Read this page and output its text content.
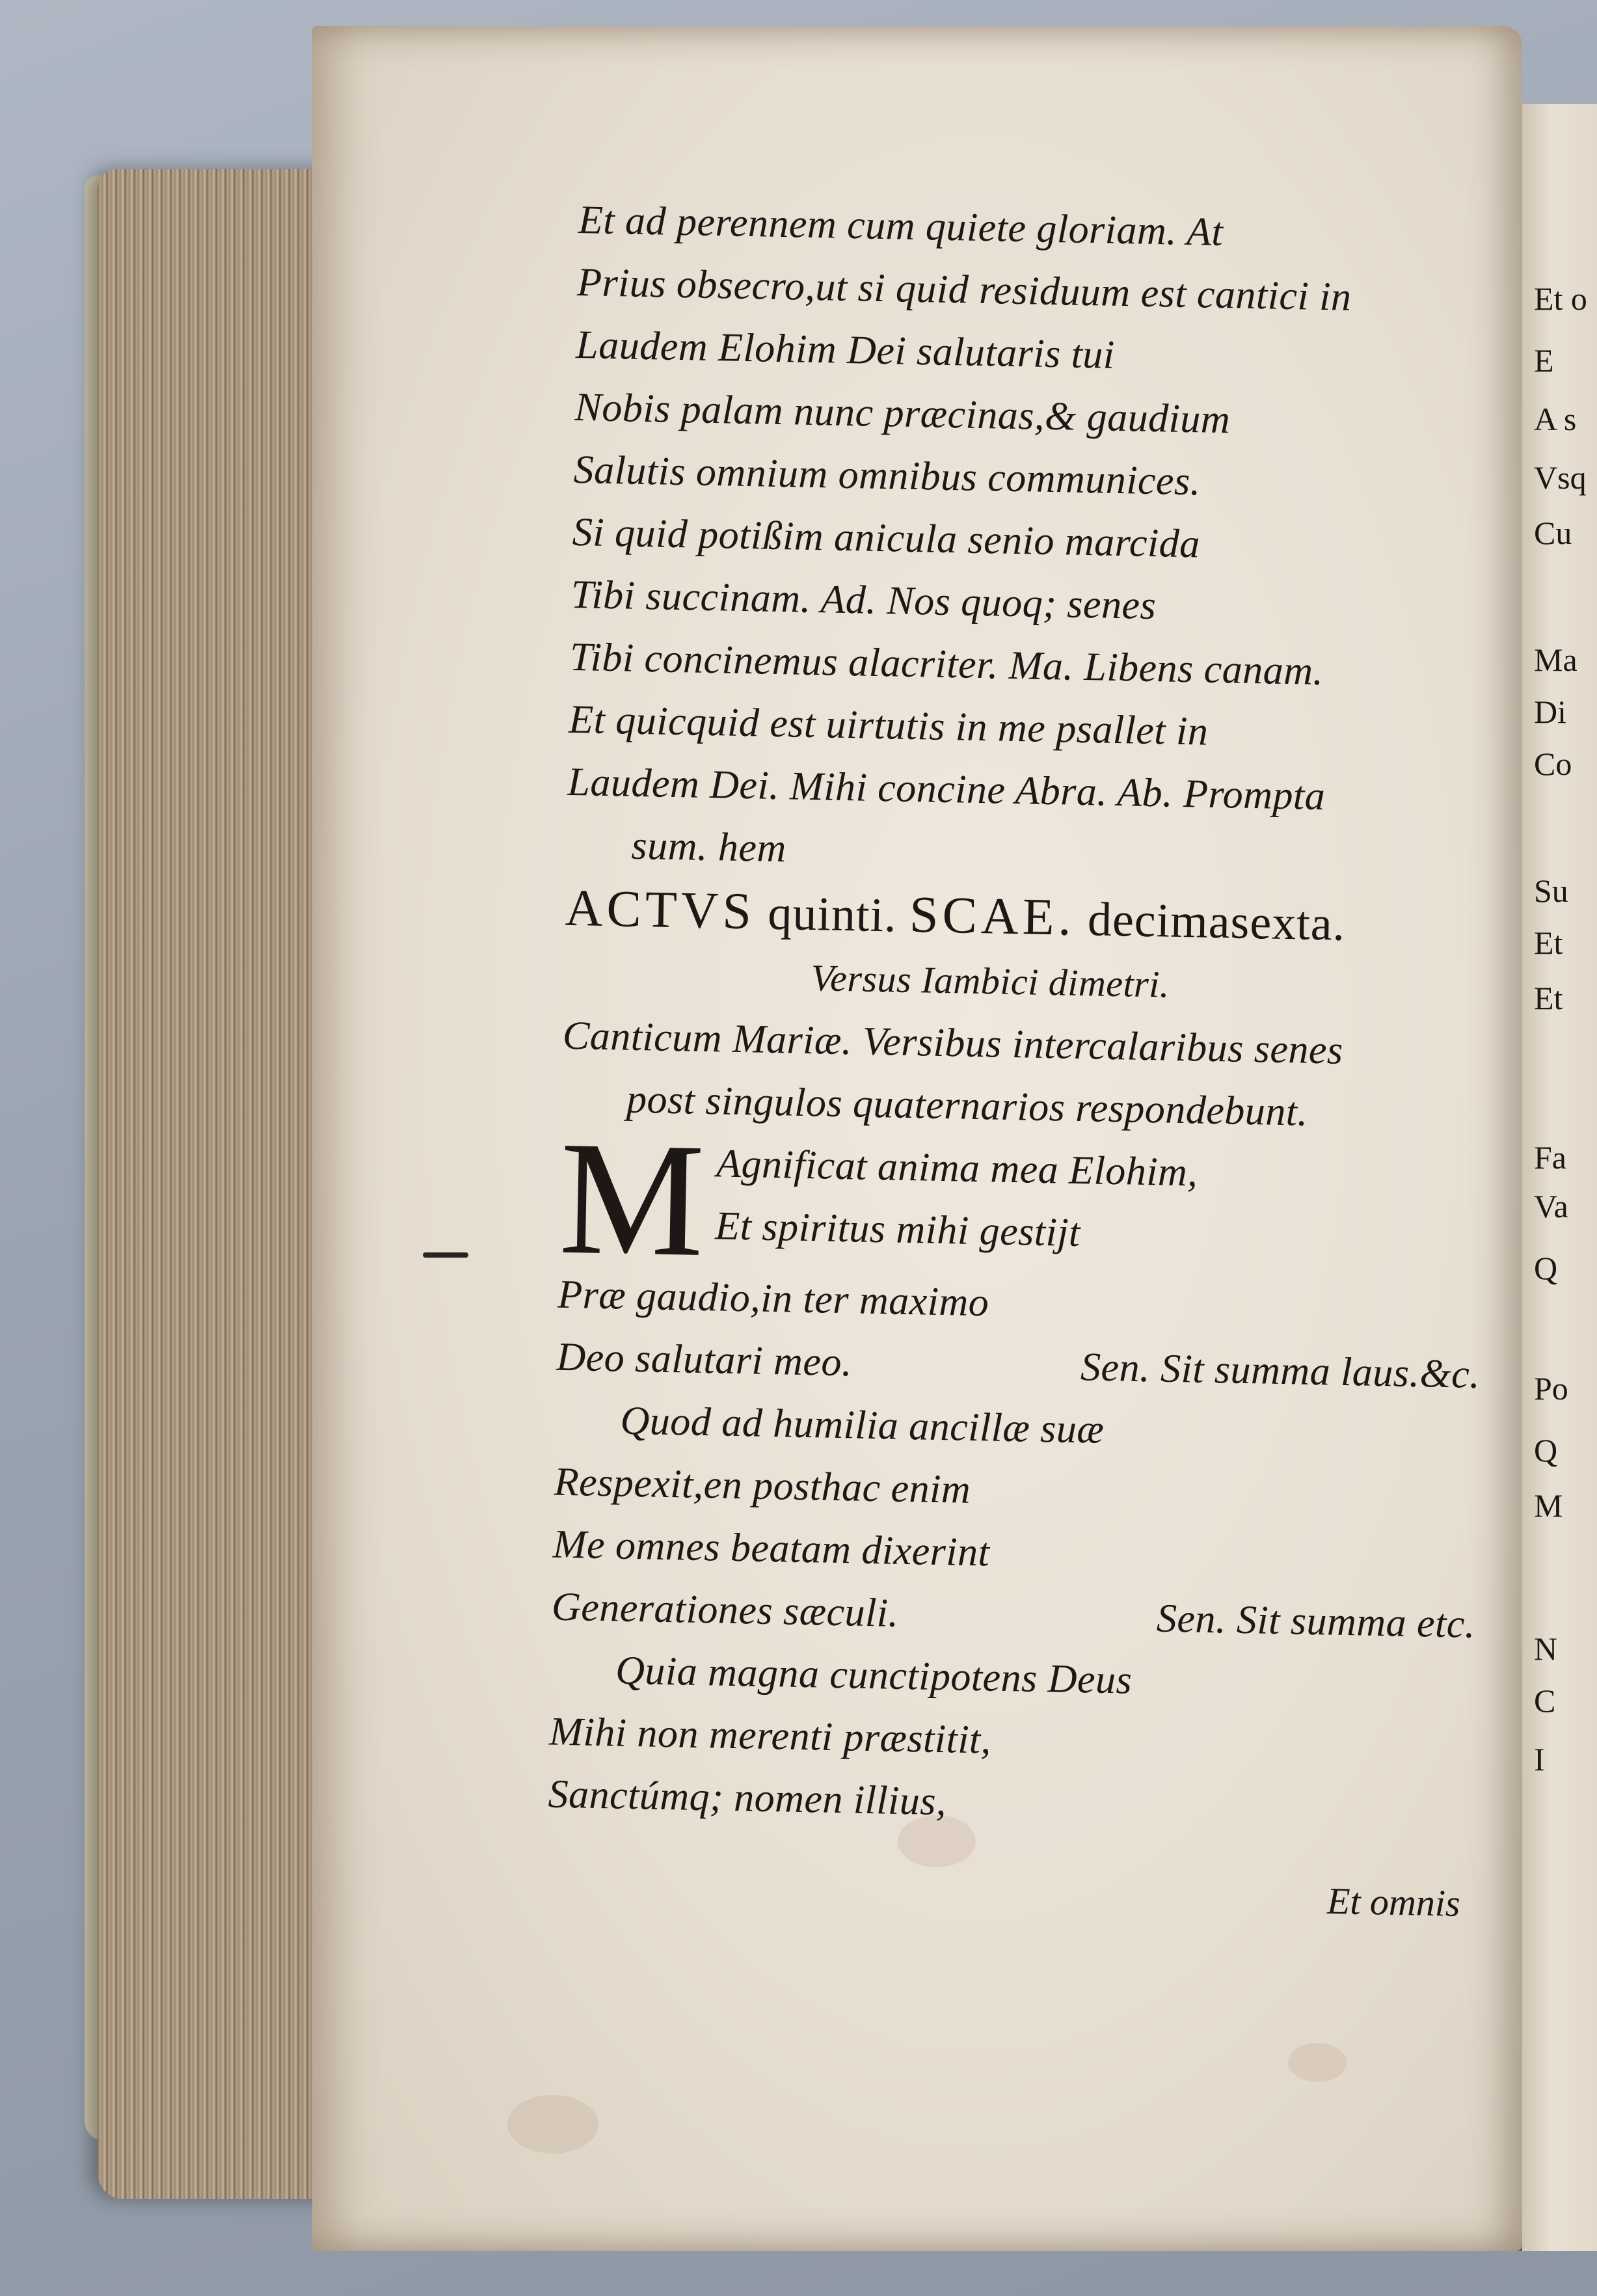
Et o
E
A s
Vsq
Cu
Ma
Di
Co
Su
Et
Et
Fa
Va
Q
Po
Q
M
N
C
I
Et ad perennem cum quiete gloriam. At
Prius obsecro,ut si quid residuum est cantici in
Laudem Elohim Dei salutaris tui
Nobis palam nunc præcinas,& gaudium
Salutis omnium omnibus communices.
Si quid potißim anicula senio marcida
Tibi succinam. Ad. Nos quoq; senes
Tibi concinemus alacriter. Ma. Libens canam.
Et quicquid est uirtutis in me psallet in
Laudem Dei. Mihi concine Abra. Ab. Prompta
sum. hem
ACTVS quinti. SCAE. decimasexta.
Versus Iambici dimetri.
Canticum Mariæ. Versibus intercalaribus senes
post singulos quaternarios respondebunt.
M Agnificat anima mea Elohim,
Et spiritus mihi gestijt
Præ gaudio,in ter maximo
Deo salutari meo.	Sen. Sit summa laus.&c.
Quod ad humilia ancillæ suæ
Respexit,en posthac enim
Me omnes beatam dixerint
Generationes sæculi.	Sen. Sit summa etc.
Quia magna cunctipotens Deus
Mihi non merenti præstitit,
Sanctúmq; nomen illius,
Et omnis
